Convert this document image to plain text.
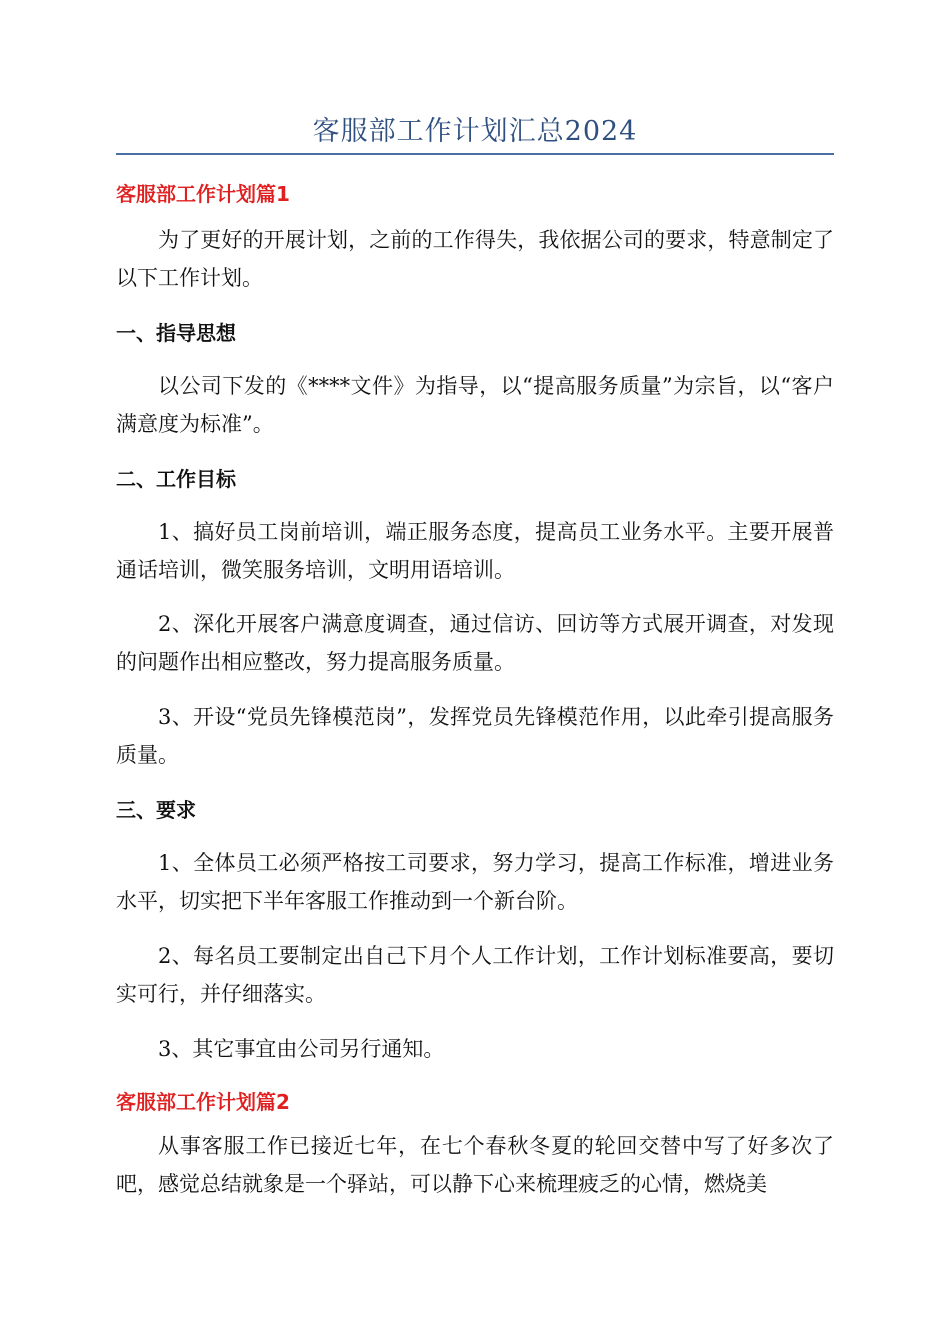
客服部工作计划汇总2024
客服部工作计划篇1

为了更好的开展计划，之前的工作得失，我依据公司的要求，特意制定了以下工作计划。

一、指导思想

以公司下发的《****文件》为指导，以“提高服务质量”为宗旨，以“客户满意度为标准”。

二、工作目标

1、搞好员工岗前培训，端正服务态度，提高员工业务水平。主要开展普通话培训，微笑服务培训，文明用语培训。

2、深化开展客户满意度调查，通过信访、回访等方式展开调查，对发现的问题作出相应整改，努力提高服务质量。

3、开设“党员先锋模范岗”，发挥党员先锋模范作用，以此牵引提高服务质量。

三、要求

1、全体员工必须严格按工司要求，努力学习，提高工作标准，增进业务水平，切实把下半年客服工作推动到一个新台阶。

2、每名员工要制定出自己下月个人工作计划，工作计划标准要高，要切实可行，并仔细落实。

3、其它事宜由公司另行通知。

客服部工作计划篇2

从事客服工作已接近七年，在七个春秋冬夏的轮回交替中写了好多次了吧，感觉总结就象是一个驿站，可以静下心来梳理疲乏的心情，燃烧美
